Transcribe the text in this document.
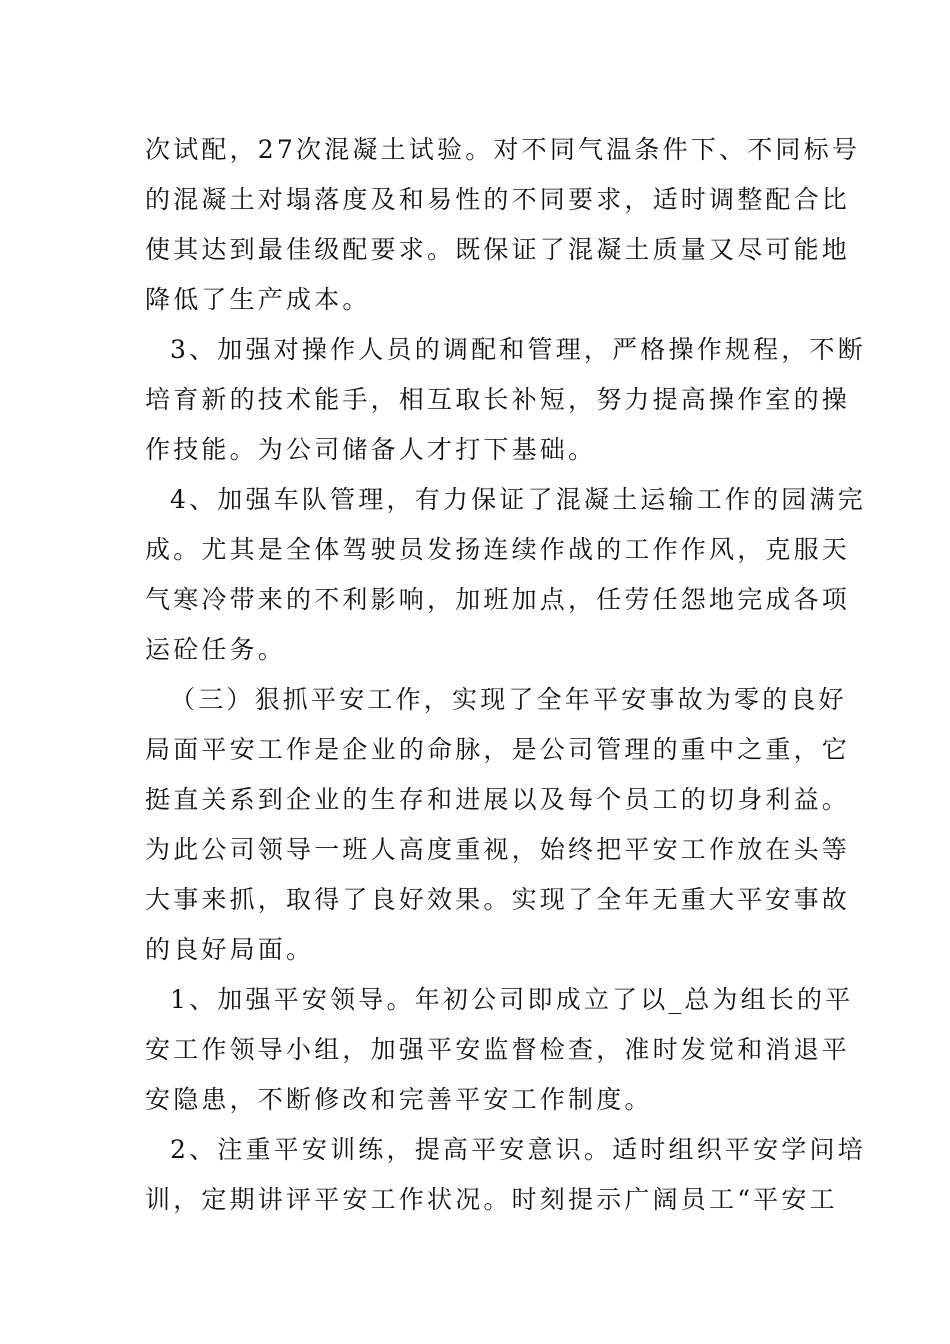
次试配，27次混凝土试验。对不同气温条件下、不同标号
的混凝土对塌落度及和易性的不同要求，适时调整配合比
使其达到最佳级配要求。既保证了混凝土质量又尽可能地
降低了生产成本。
3、加强对操作人员的调配和管理，严格操作规程，不断
培育新的技术能手，相互取长补短，努力提高操作室的操
作技能。为公司储备人才打下基础。
4、加强车队管理，有力保证了混凝土运输工作的园满完
成。尤其是全体驾驶员发扬连续作战的工作作风，克服天
气寒冷带来的不利影响，加班加点，任劳任怨地完成各项
运砼任务。
（三）狠抓平安工作，实现了全年平安事故为零的良好
局面平安工作是企业的命脉，是公司管理的重中之重，它
挺直关系到企业的生存和进展以及每个员工的切身利益。
为此公司领导一班人高度重视，始终把平安工作放在头等
大事来抓，取得了良好效果。实现了全年无重大平安事故
的良好局面。
1、加强平安领导。年初公司即成立了以_总为组长的平
安工作领导小组，加强平安监督检查，准时发觉和消退平
安隐患，不断修改和完善平安工作制度。
2、注重平安训练，提高平安意识。适时组织平安学问培
训，定期讲评平安工作状况。时刻提示广阔员工“平安工
